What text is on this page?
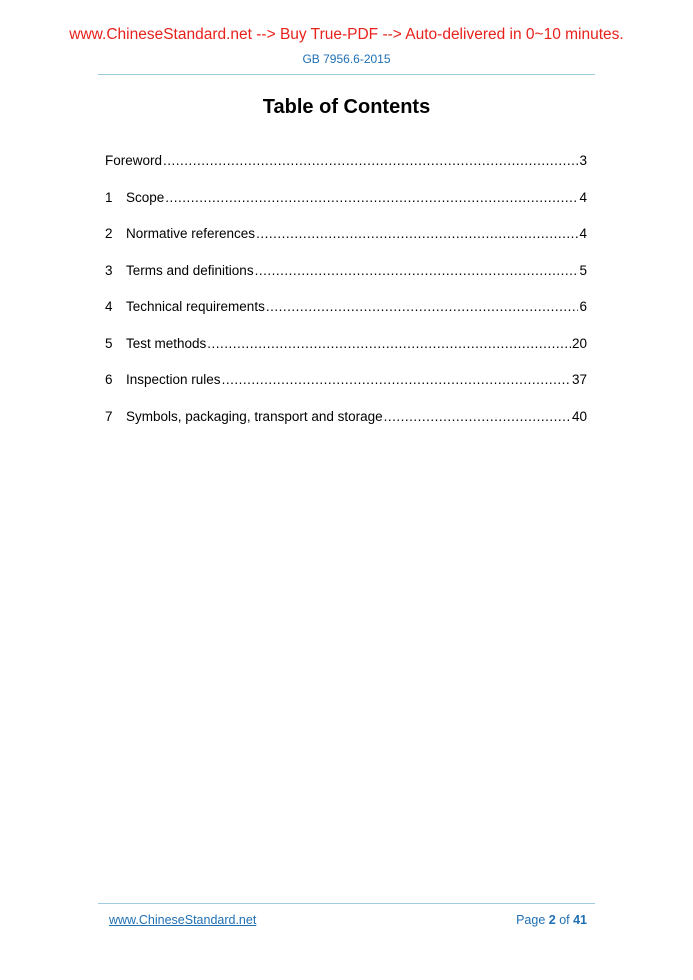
www.ChineseStandard.net --> Buy True-PDF --> Auto-delivered in 0~10 minutes.
GB 7956.6-2015
Table of Contents
Foreword .....	3
1 Scope .....	4
2 Normative references .....	4
3 Terms and definitions .....	5
4 Technical requirements .....	6
5 Test methods .....	20
6 Inspection rules .....	37
7 Symbols, packaging, transport and storage .....	40
www.ChineseStandard.net	Page 2 of 41
